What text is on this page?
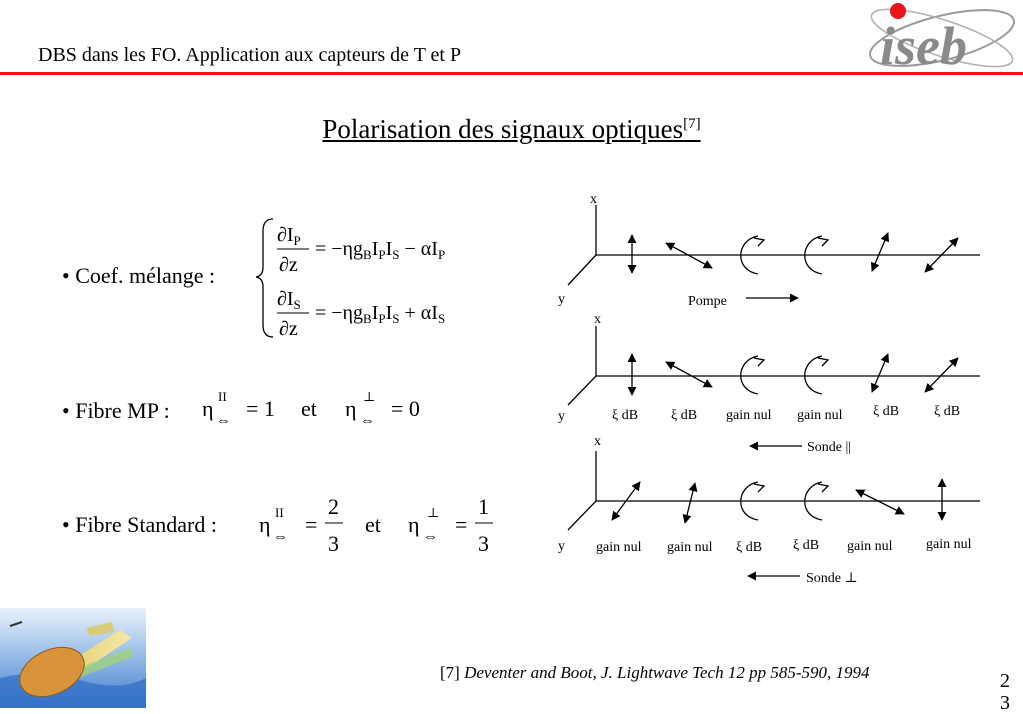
DBS dans les FO. Application aux capteurs de T et P	iseb
Polarisation des signaux optiques[7]
• Coef. mélange :
$\partial I_P$
∂z
= $-\eta g_BI_PI_S - \alpha I_P$
$\partial I_S$
∂z
= $-\eta g_BI_PI_S + \alpha I_S$
• Fibre MP : η II
⇔ = 1 et η ⊥
⇔ = 0
• Fibre Standard : η II
⇔ =
2
3
et η ⊥
⇔ =
1
3
x
y	Pompe
x
y	ξ dB ξ dB gain nul gain nul ξ dB ξ dB
Sonde ||
x
y gain nul gain nul ξ dB ξ dB gain nul gain nul
Sonde ⊥
[7] Deventer and Boot, J. Lightwave Tech 12 pp 585-590, 1994	2
3
